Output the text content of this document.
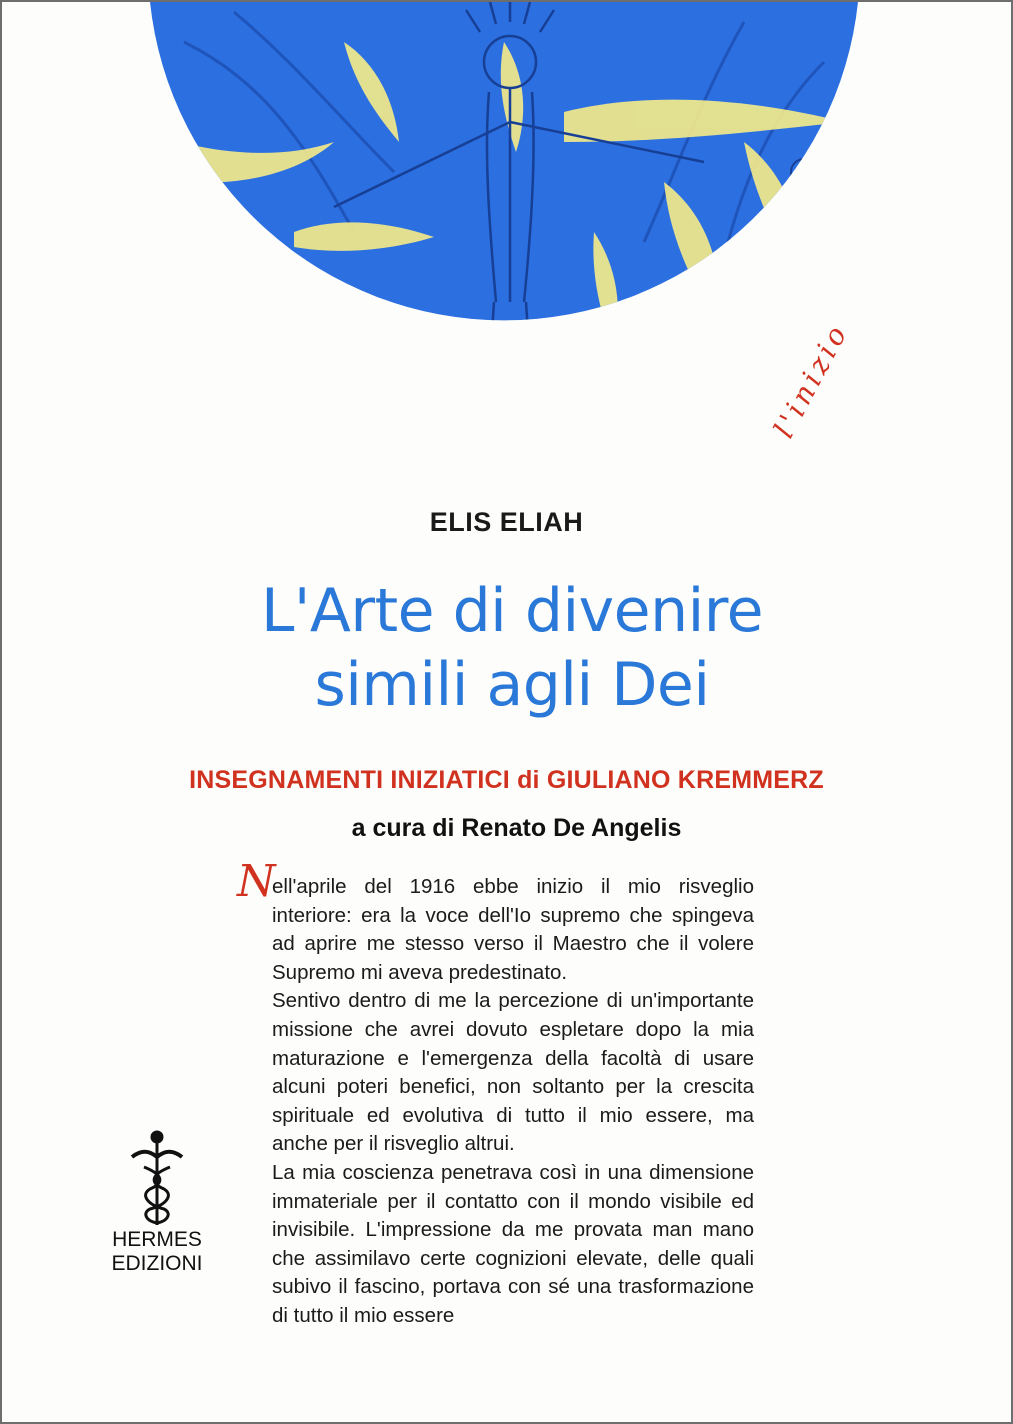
l'inizio
ELIS ELIAH
L'Arte di divenire
simili agli Dei
INSEGNAMENTI INIZIATICI di GIULIANO KREMMERZ
a cura di Renato De Angelis
N

ell'aprile del 1916 ebbe inizio il mio risveglio interiore: era la voce dell'Io supremo che spingeva ad aprire me stesso verso il Maestro che il volere Supremo mi aveva predestinato.

Sentivo dentro di me la percezione di un'importante missione che avrei dovuto espletare dopo la mia maturazione e l'emergenza della facoltà di usare alcuni poteri benefici, non soltanto per la crescita spirituale ed evolutiva di tutto il mio essere, ma anche per il risveglio altrui.

La mia coscienza penetrava così in una dimensione immateriale per il contatto con il mondo visibile ed invisibile. L'impressione da me provata man mano che assimilavo certe cognizioni elevate, delle quali subivo il fascino, portava con sé una trasformazione di tutto il mio essere

HERMES
EDIZIONI
